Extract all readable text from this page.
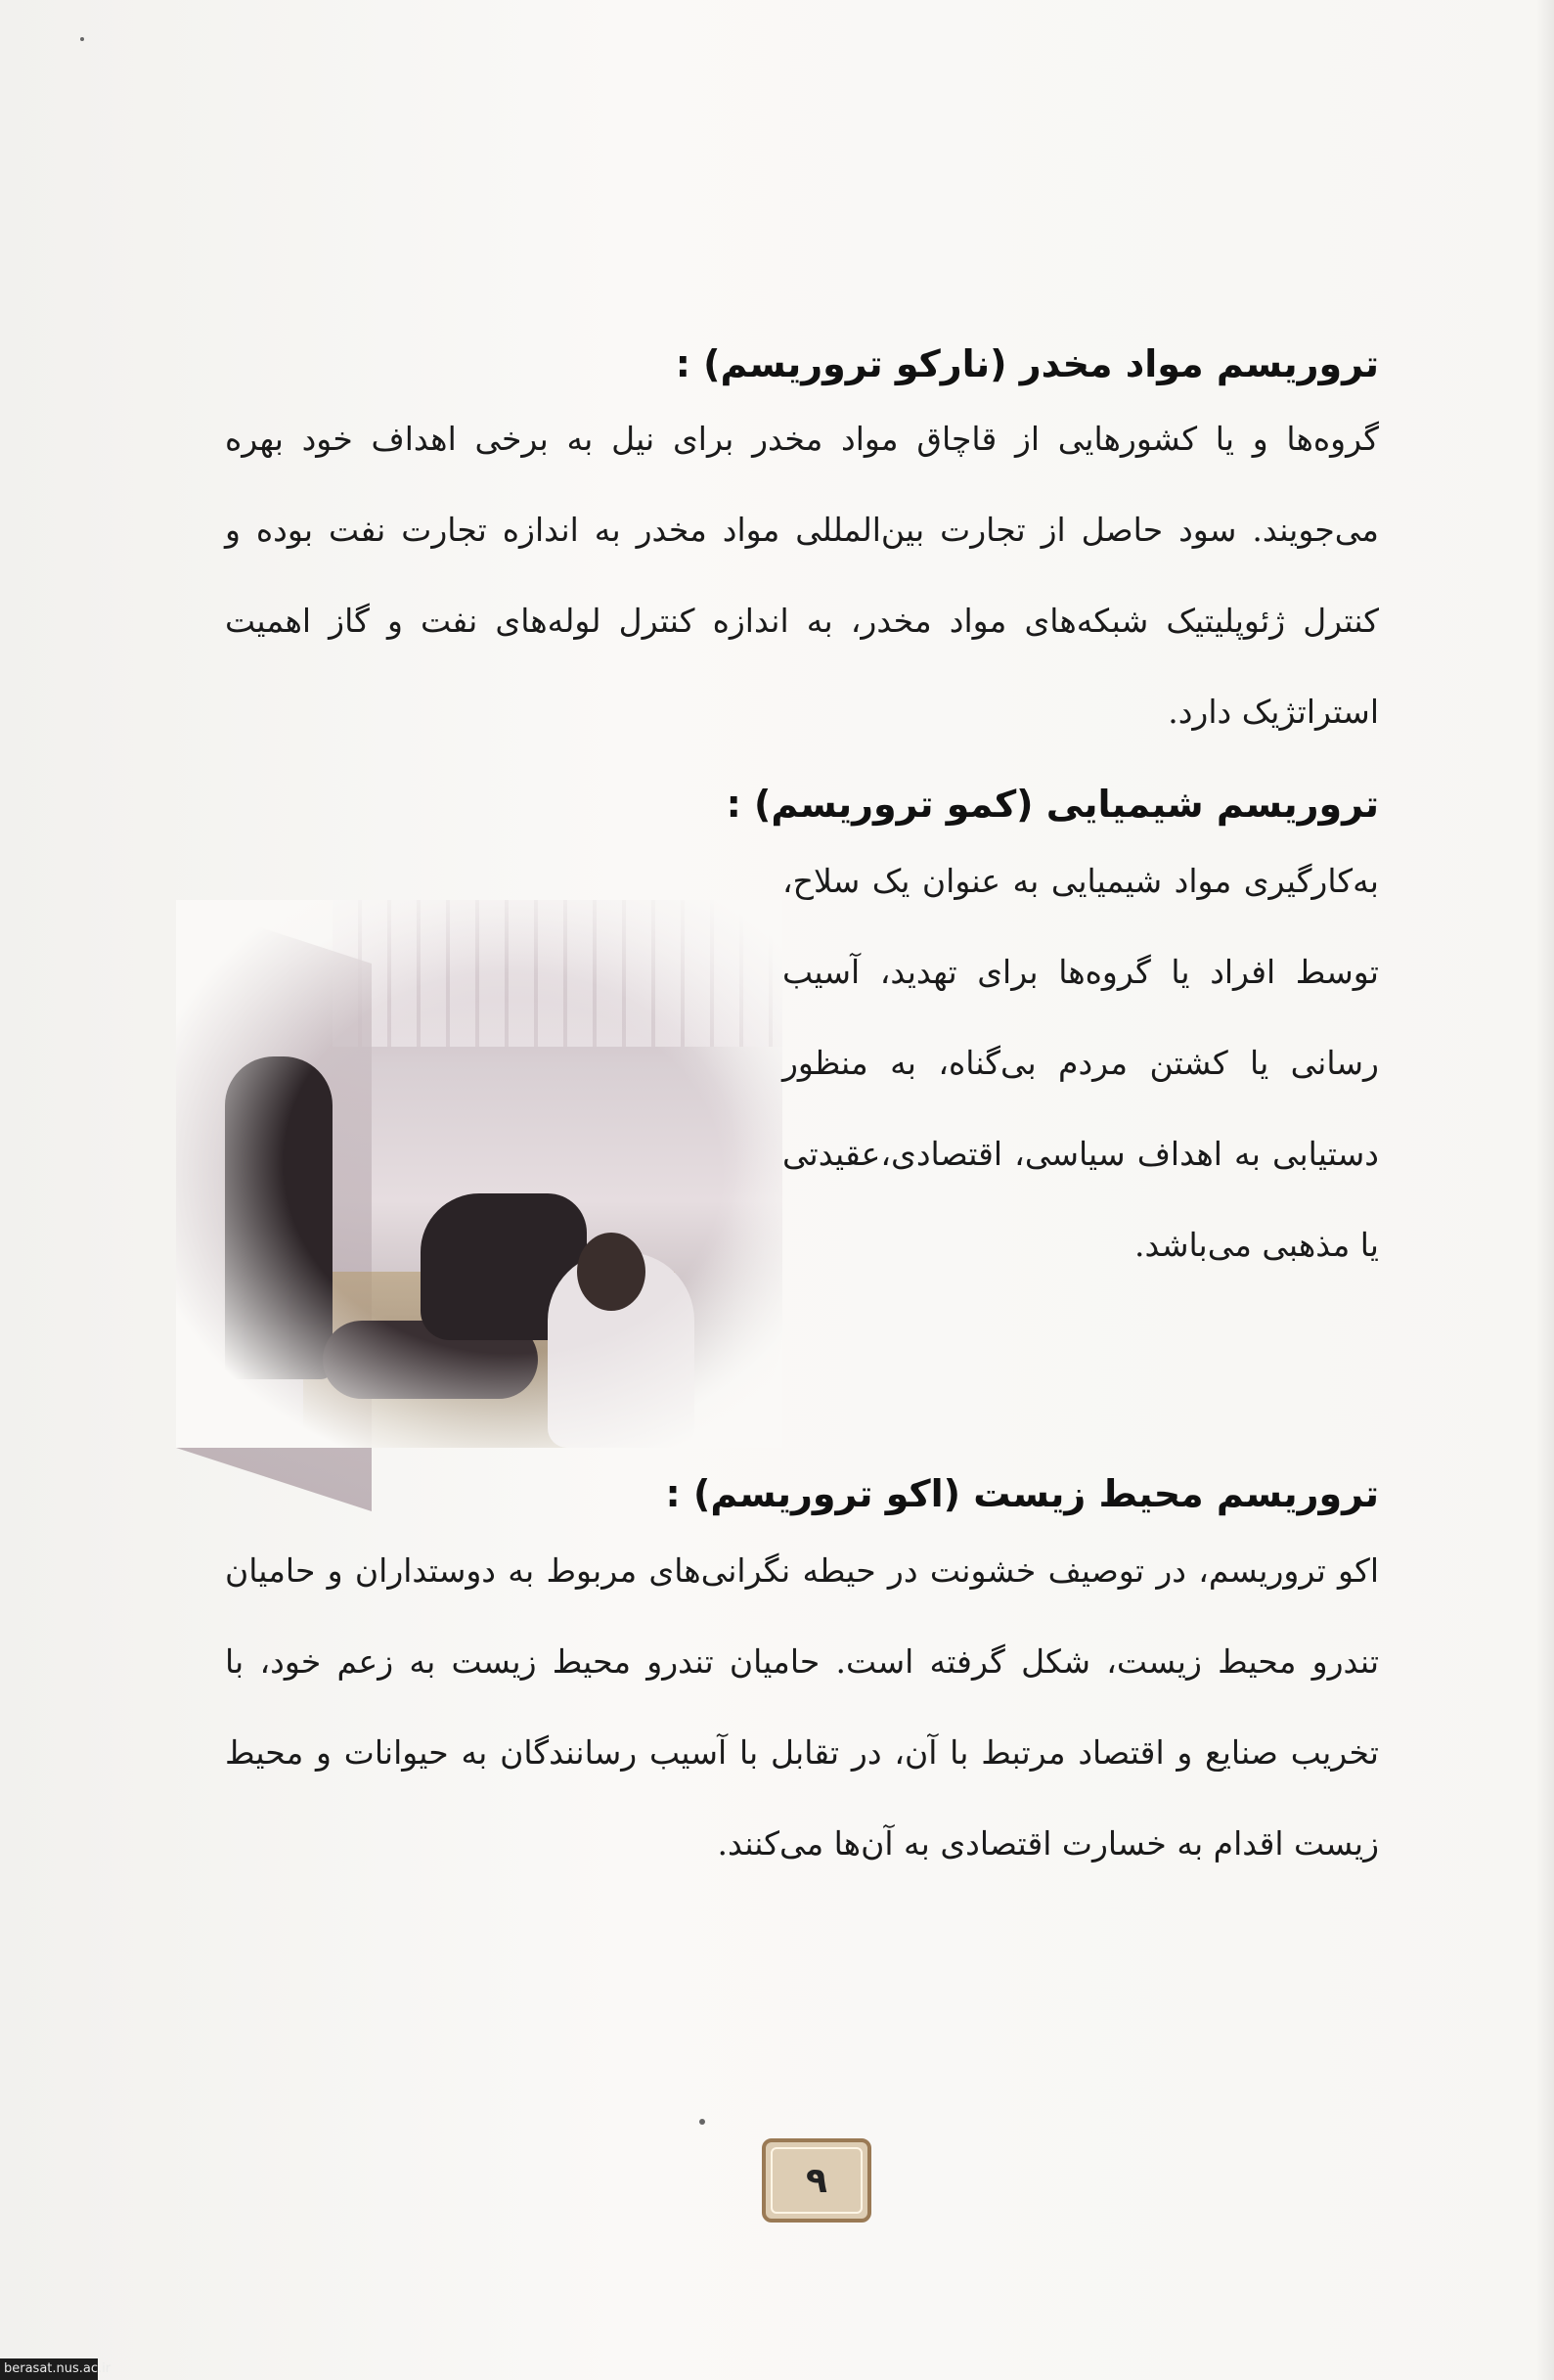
تروریسم مواد مخدر (نارکو تروریسم) :

گروه‌ها و یا کشورهایی از قاچاق مواد مخدر برای نیل به برخی اهداف خود بهره می‌جویند. سود حاصل از تجارت بین‌المللی مواد مخدر به اندازه تجارت نفت بوده و کنترل ژئوپلیتیک شبکه‌های مواد مخدر، به اندازه کنترل لوله‌های نفت و گاز اهمیت استراتژیک دارد.

تروریسم شیمیایی (کمو تروریسم) :

به‌کارگیری مواد شیمیایی به عنوان یک سلاح، توسط افراد یا گروه‌ها برای تهدید، آسیب رسانی یا کشتن مردم بی‌گناه، به منظور دستیابی به اهداف سیاسی، اقتصادی،عقیدتی یا مذهبی می‌باشد.

تروریسم محیط زیست (اکو تروریسم) :

اکو تروریسم، در توصیف خشونت در حیطه نگرانی‌های مربوط به دوستداران و حامیان تندرو محیط زیست، شکل گرفته است. حامیان تندرو محیط زیست به زعم خود، با تخریب صنایع و اقتصاد مرتبط با آن، در تقابل با آسیب رسانندگان به حیوانات و محیط زیست اقدام به خسارت اقتصادی به آن‌ها می‌کنند.

۹
berasat.nus.ac.ir
